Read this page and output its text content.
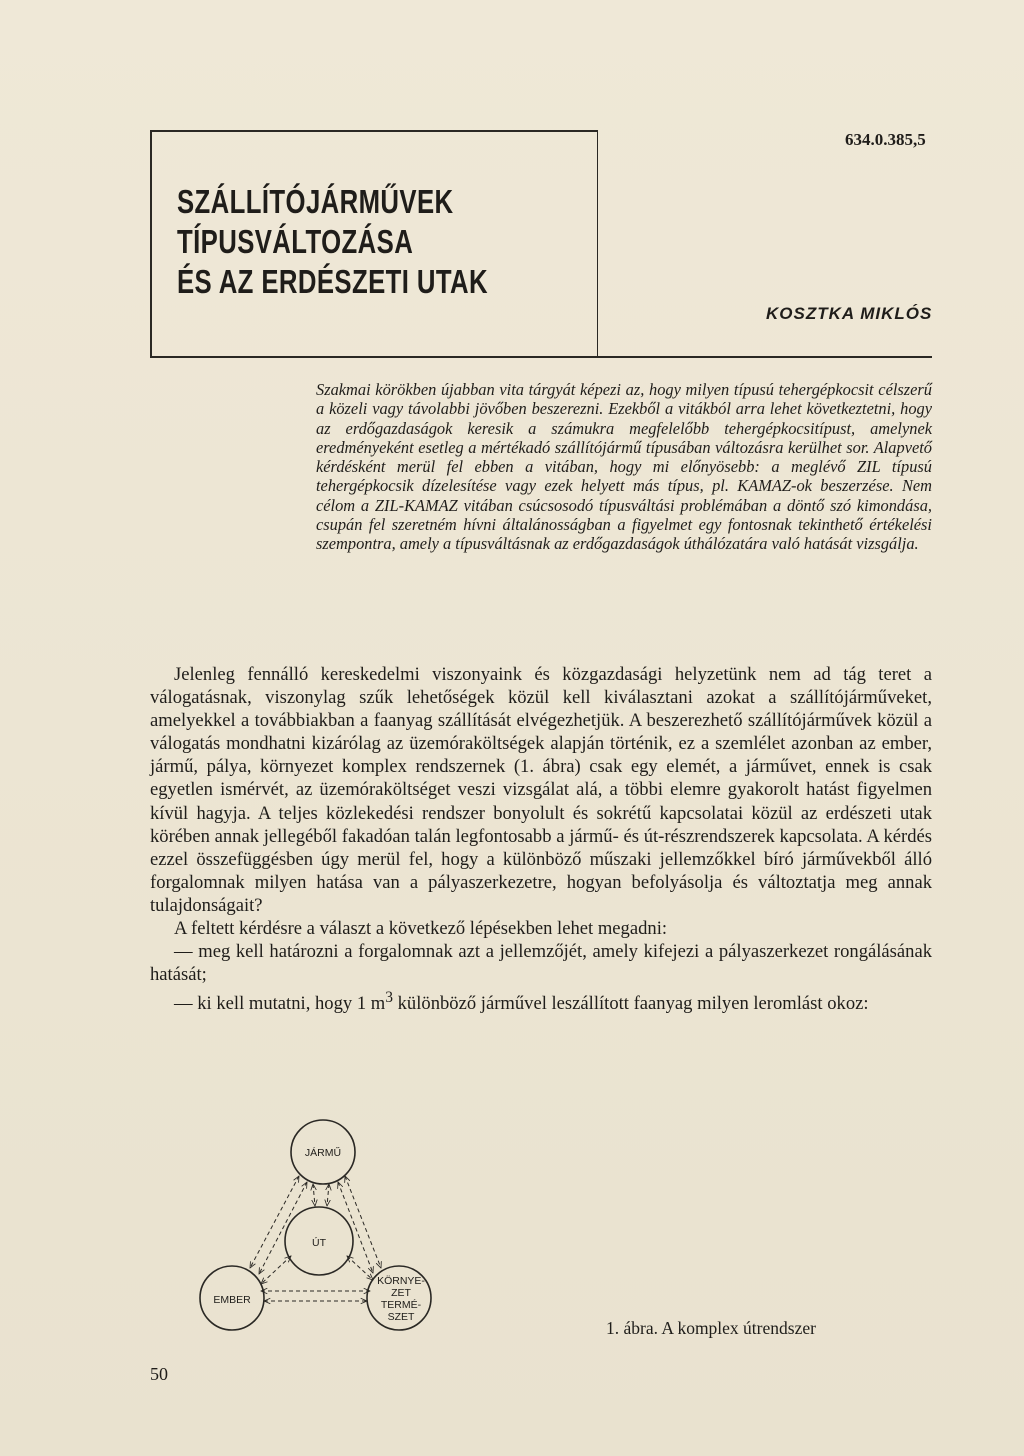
SZÁLLÍTÓJÁRMŰVEK
TÍPUSVÁLTOZÁSA
ÉS AZ ERDÉSZETI UTAK
634.0.385,5
KOSZTKA MIKLÓS
Szakmai körökben újabban vita tárgyát képezi az, hogy milyen típusú tehergépkocsit célszerű a közeli vagy távolabbi jövőben beszerezni. Ezekből a vitákból arra lehet következtetni, hogy az erdőgazdaságok keresik a számukra megfelelőbb tehergépkocsitípust, amelynek eredményeként esetleg a mértékadó szállítójármű típusában változásra kerülhet sor. Alapvető kérdésként merül fel ebben a vitában, hogy mi előnyösebb: a meglévő ZIL típusú tehergépkocsik dízelesítése vagy ezek helyett más típus, pl. KAMAZ-ok beszerzése. Nem célom a ZIL-KAMAZ vitában csúcsosodó típusváltási problémában a döntő szó kimondása, csupán fel szeretném hívni általánosságban a figyelmet egy fontosnak tekinthető értékelési szempontra, amely a típusváltásnak az erdőgazdaságok úthálózatára való hatását vizsgálja.

Jelenleg fennálló kereskedelmi viszonyaink és közgazdasági helyzetünk nem ad tág teret a válogatásnak, viszonylag szűk lehetőségek közül kell kiválasztani azokat a szállítójárműveket, amelyekkel a továbbiakban a faanyag szállítását elvégezhetjük. A beszerezhető szállítójárművek közül a válogatás mondhatni kizárólag az üzemóraköltségek alapján történik, ez a szemlélet azonban az ember, jármű, pálya, környezet komplex rendszernek (1. ábra) csak egy elemét, a járművet, ennek is csak egyetlen ismérvét, az üzemóraköltséget veszi vizsgálat alá, a többi elemre gyakorolt hatást figyelmen kívül hagyja. A teljes közlekedési rendszer bonyolult és sokrétű kapcsolatai közül az erdészeti utak körében annak jellegéből fakadóan talán legfontosabb a jármű- és út-részrendszerek kapcsolata. A kérdés ezzel összefüggésben úgy merül fel, hogy a különböző műszaki jellemzőkkel bíró járművekből álló forgalomnak milyen hatása van a pályaszerkezetre, hogyan befolyásolja és változtatja meg annak tulajdonságait?

A feltett kérdésre a választ a következő lépésekben lehet megadni:

— meg kell határozni a forgalomnak azt a jellemzőjét, amely kifejezi a pályaszerkezet rongálásának hatását;

— ki kell mutatni, hogy 1 $m^3$ különböző járművel leszállított faanyag milyen leromlást okoz:

JÁRMŰ
ÚT
EMBER
KÖRNYE-
ZET
TERMÉ-
SZET
1. ábra. A komplex útrendszer
50
